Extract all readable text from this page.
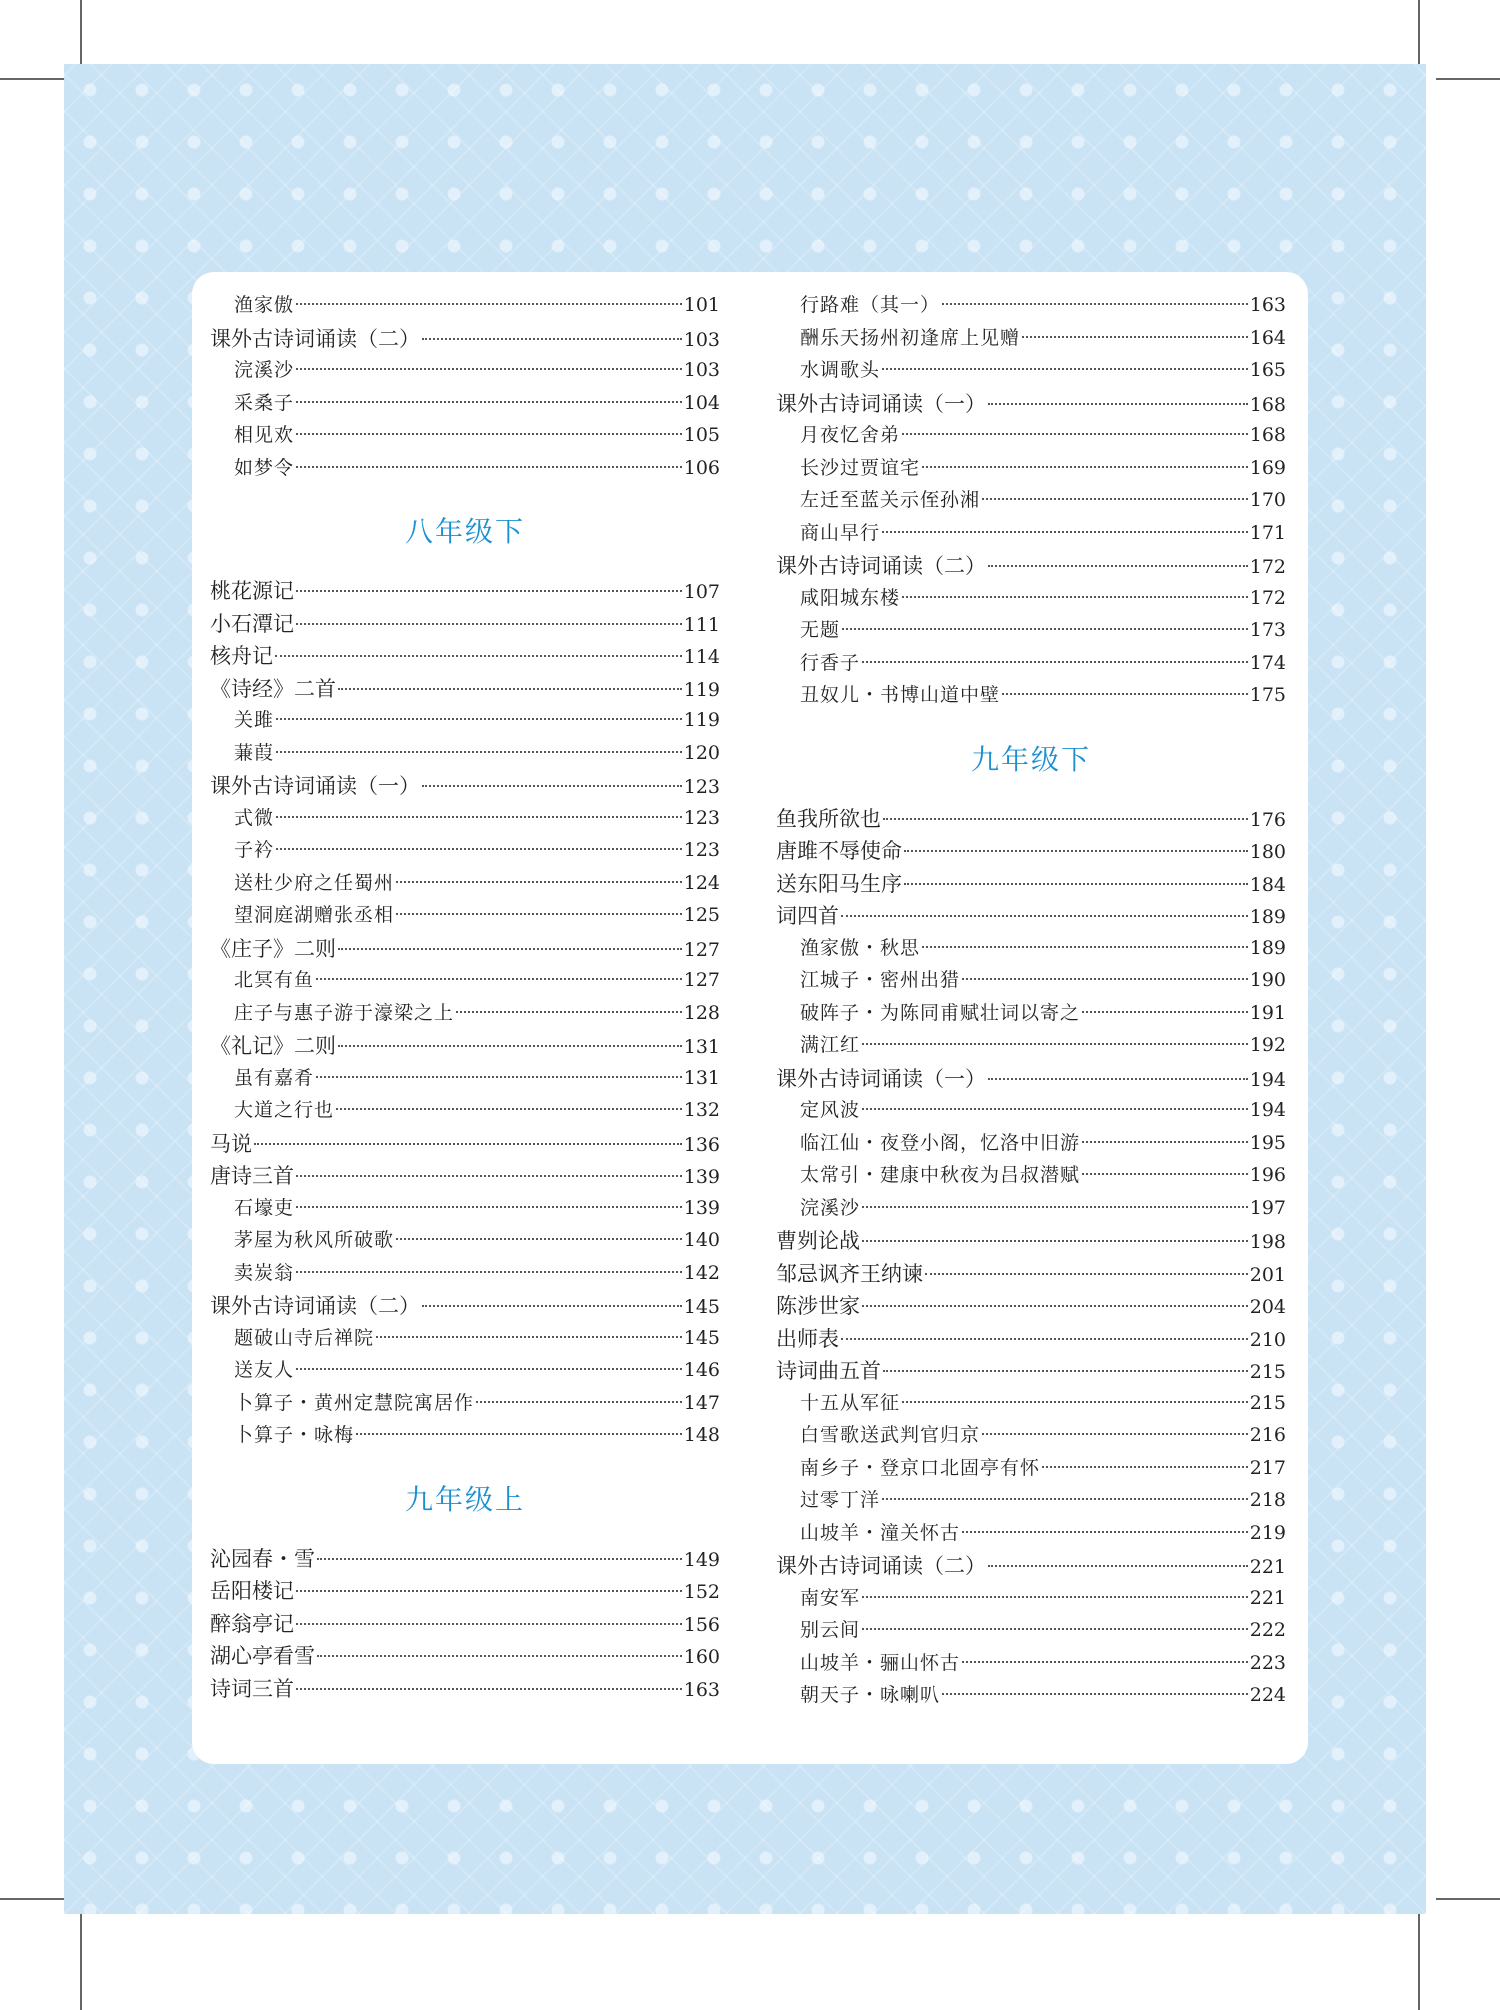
渔家傲	101
课外古诗词诵读（二）	103
浣溪沙	103
采桑子	104
相见欢	105
如梦令	106
八年级下
桃花源记	107
小石潭记	111
核舟记	114
《诗经》二首	119
关雎	119
蒹葭	120
课外古诗词诵读（一）	123
式微	123
子衿	123
送杜少府之任蜀州	124
望洞庭湖赠张丞相	125
《庄子》二则	127
北冥有鱼	127
庄子与惠子游于濠梁之上	128
《礼记》二则	131
虽有嘉肴	131
大道之行也	132
马说	136
唐诗三首	139
石壕吏	139
茅屋为秋风所破歌	140
卖炭翁	142
课外古诗词诵读（二）	145
题破山寺后禅院	145
送友人	146
卜算子・黄州定慧院寓居作	147
卜算子・咏梅	148
九年级上
沁园春・雪	149
岳阳楼记	152
醉翁亭记	156
湖心亭看雪	160
诗词三首	163
行路难（其一）	163
酬乐天扬州初逢席上见赠	164
水调歌头	165
课外古诗词诵读（一）	168
月夜忆舍弟	168
长沙过贾谊宅	169
左迁至蓝关示侄孙湘	170
商山早行	171
课外古诗词诵读（二）	172
咸阳城东楼	172
无题	173
行香子	174
丑奴儿・书博山道中壁	175
九年级下
鱼我所欲也	176
唐雎不辱使命	180
送东阳马生序	184
词四首	189
渔家傲・秋思	189
江城子・密州出猎	190
破阵子・为陈同甫赋壮词以寄之	191
满江红	192
课外古诗词诵读（一）	194
定风波	194
临江仙・夜登小阁，忆洛中旧游	195
太常引・建康中秋夜为吕叔潜赋	196
浣溪沙	197
曹刿论战	198
邹忌讽齐王纳谏	201
陈涉世家	204
出师表	210
诗词曲五首	215
十五从军征	215
白雪歌送武判官归京	216
南乡子・登京口北固亭有怀	217
过零丁洋	218
山坡羊・潼关怀古	219
课外古诗词诵读（二）	221
南安军	221
别云间	222
山坡羊・骊山怀古	223
朝天子・咏喇叭	224
